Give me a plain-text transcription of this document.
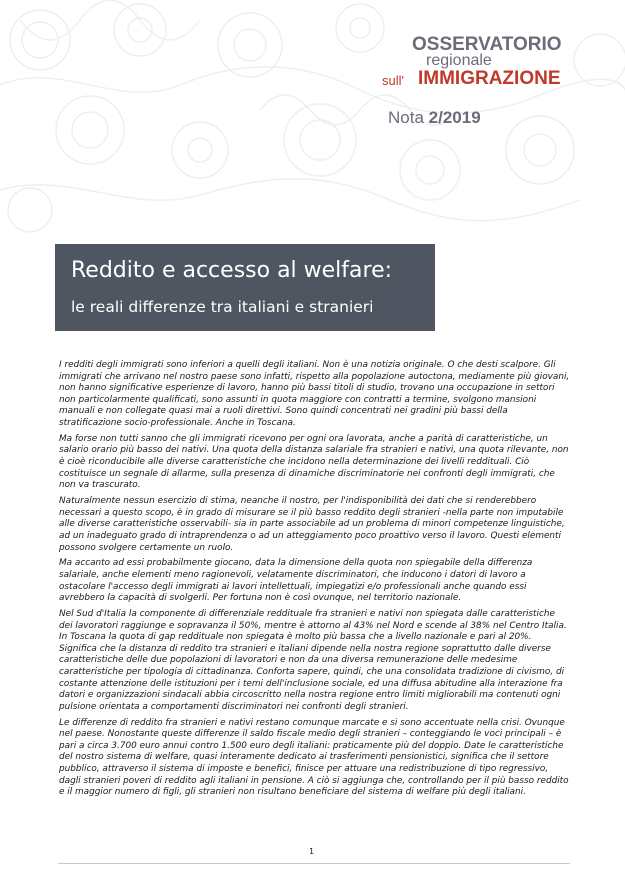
OSSERVATORIO
regionale
sull' IMMIGRAZIONE
Nota 2/2019
Reddito e accesso al welfare:
le reali differenze tra italiani e stranieri

I redditi degli immigrati sono inferiori a quelli degli italiani. Non è una notizia originale. O che desti scalpore. Gli immigrati che arrivano nel nostro paese sono infatti, rispetto alla popolazione autoctona, mediamente più giovani, non hanno significative esperienze di lavoro, hanno più bassi titoli di studio, trovano una occupazione in settori non particolarmente qualificati, sono assunti in quota maggiore con contratti a termine, svolgono mansioni manuali e non collegate quasi mai a ruoli direttivi. Sono quindi concentrati nei gradini più bassi della stratificazione socio-professionale. Anche in Toscana.

Ma forse non tutti sanno che gli immigrati ricevono per ogni ora lavorata, anche a parità di caratteristiche, un salario orario più basso dei nativi. Una quota della distanza salariale fra stranieri e nativi, una quota rilevante, non è cioè riconducibile alle diverse caratteristiche che incidono nella determinazione dei livelli reddituali. Ciò costituisce un segnale di allarme, sulla presenza di dinamiche discriminatorie nei confronti degli immigrati, che non va trascurato.

Naturalmente nessun esercizio di stima, neanche il nostro, per l'indisponibilità dei dati che si renderebbero necessari a questo scopo, è in grado di misurare se il più basso reddito degli stranieri -nella parte non imputabile alle diverse caratteristiche osservabili- sia in parte associabile ad un problema di minori competenze linguistiche, ad un inadeguato grado di intraprendenza o ad un atteggiamento poco proattivo verso il lavoro. Questi elementi possono svolgere certamente un ruolo.

Ma accanto ad essi probabilmente giocano, data la dimensione della quota non spiegabile della differenza salariale, anche elementi meno ragionevoli, velatamente discriminatori, che inducono i datori di lavoro a ostacolare l'accesso degli immigrati ai lavori intellettuali, impiegatizi e/o professionali anche quando essi avrebbero la capacità di svolgerli. Per fortuna non è così ovunque, nel territorio nazionale.

Nel Sud d'Italia la componente di differenziale reddituale fra stranieri e nativi non spiegata dalle caratteristiche dei lavoratori raggiunge e sopravanza il 50%, mentre è attorno al 43% nel Nord e scende al 38% nel Centro Italia. In Toscana la quota di gap reddituale non spiegata è molto più bassa che a livello nazionale e pari al 20%. Significa che la distanza di reddito tra stranieri e italiani dipende nella nostra regione soprattutto dalle diverse caratteristiche delle due popolazioni di lavoratori e non da una diversa remunerazione delle medesime caratteristiche per tipologia di cittadinanza. Conforta sapere, quindi, che una consolidata tradizione di civismo, di costante attenzione delle istituzioni per i temi dell'inclusione sociale, ed una diffusa abitudine alla interazione fra datori e organizzazioni sindacali abbia circoscritto nella nostra regione entro limiti migliorabili ma contenuti ogni pulsione orientata a comportamenti discriminatori nei confronti degli stranieri.

Le differenze di reddito fra stranieri e nativi restano comunque marcate e si sono accentuate nella crisi. Ovunque nel paese. Nonostante queste differenze il saldo fiscale medio degli stranieri – conteggiando le voci principali – è pari a circa 3.700 euro annui contro 1.500 euro degli italiani: praticamente più del doppio. Date le caratteristiche del nostro sistema di welfare, quasi interamente dedicato ai trasferimenti pensionistici, significa che il settore pubblico, attraverso il sistema di imposte e benefici, finisce per attuare una redistribuzione di tipo regressivo, dagli stranieri poveri di reddito agli italiani in pensione. A ciò si aggiunga che, controllando per il più basso reddito e il maggior numero di figli, gli stranieri non risultano beneficiare del sistema di welfare più degli italiani.

1
